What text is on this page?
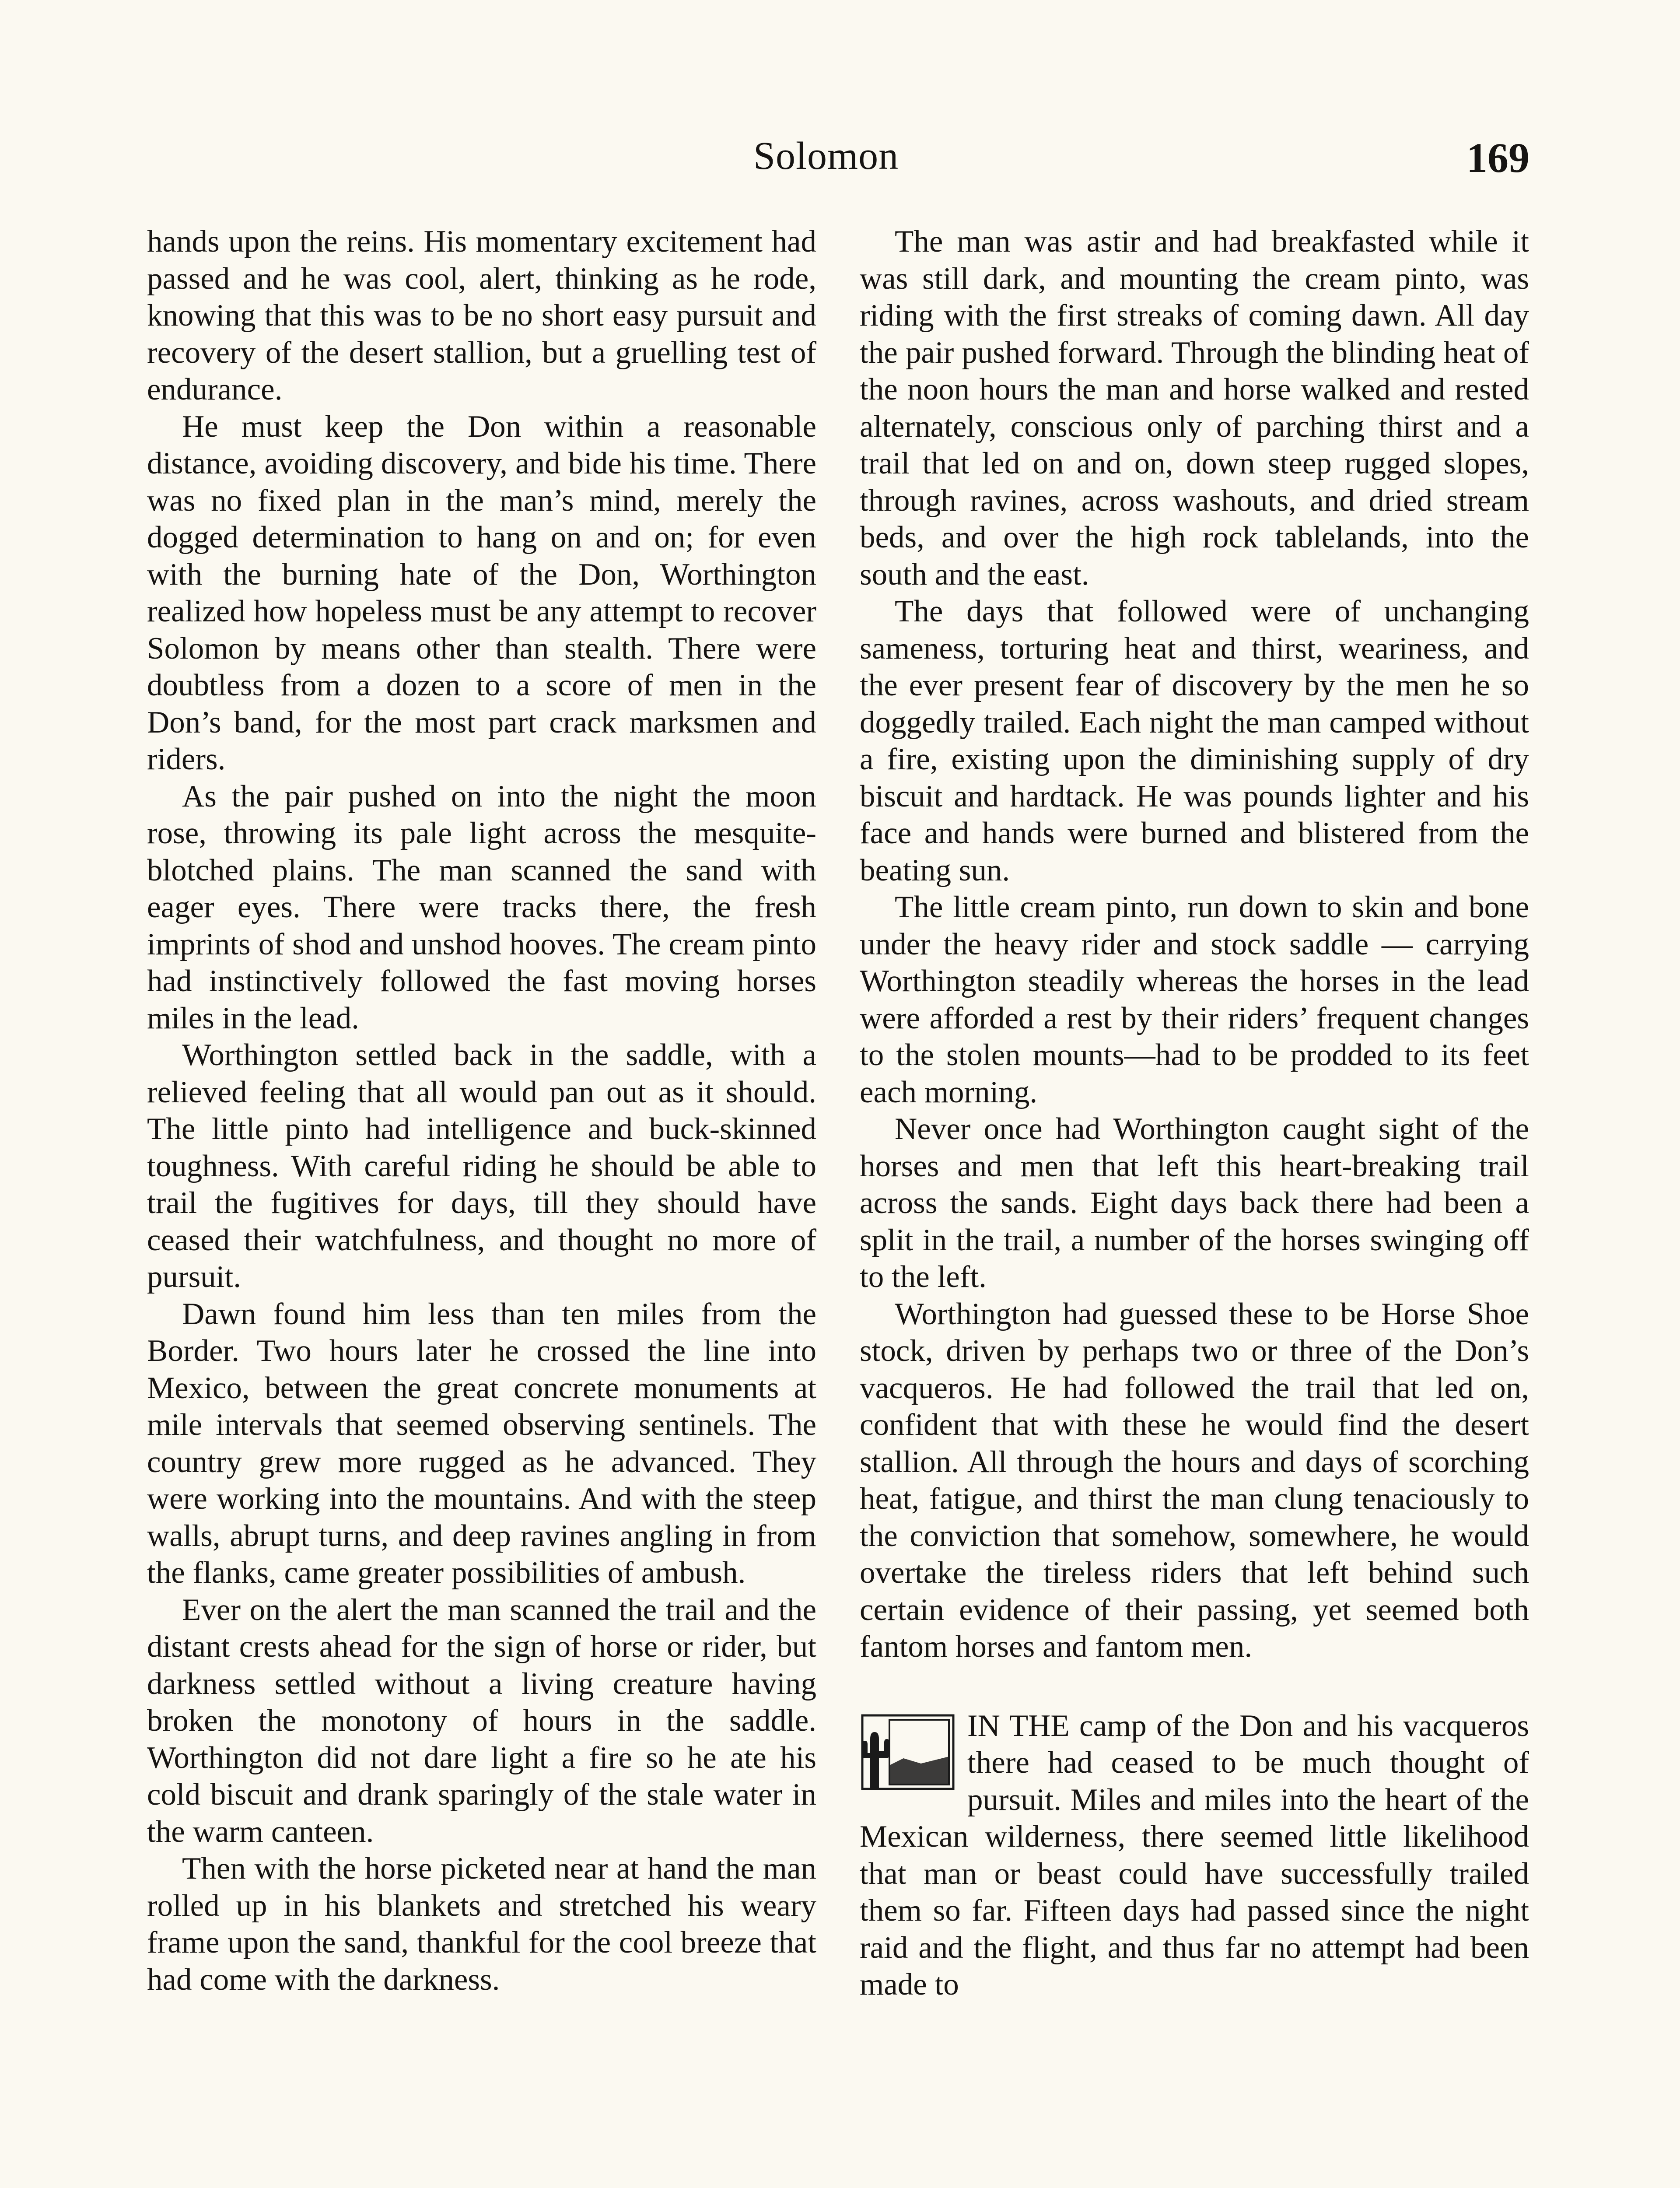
Solomon	169

hands upon the reins. His momentary excitement had passed and he was cool, alert, thinking as he rode, knowing that this was to be no short easy pursuit and recovery of the desert stallion, but a gruelling test of endurance.

He must keep the Don within a reasonable distance, avoiding discovery, and bide his time. There was no fixed plan in the man’s mind, merely the dogged determination to hang on and on; for even with the burning hate of the Don, Worthington realized how hopeless must be any attempt to recover Solomon by means other than stealth. There were doubtless from a dozen to a score of men in the Don’s band, for the most part crack marksmen and riders.

As the pair pushed on into the night the moon rose, throwing its pale light across the mesquite-blotched plains. The man scanned the sand with eager eyes. There were tracks there, the fresh imprints of shod and unshod hooves. The cream pinto had instinctively followed the fast moving horses miles in the lead.

Worthington settled back in the saddle, with a relieved feeling that all would pan out as it should. The little pinto had intelligence and buck-skinned toughness. With careful riding he should be able to trail the fugitives for days, till they should have ceased their watchfulness, and thought no more of pursuit.

Dawn found him less than ten miles from the Border. Two hours later he crossed the line into Mexico, between the great concrete monuments at mile intervals that seemed observing sentinels. The country grew more rugged as he advanced. They were working into the mountains. And with the steep walls, abrupt turns, and deep ravines angling in from the flanks, came greater possibilities of ambush.

Ever on the alert the man scanned the trail and the distant crests ahead for the sign of horse or rider, but darkness settled without a living creature having broken the monotony of hours in the saddle. Worthington did not dare light a fire so he ate his cold biscuit and drank sparingly of the stale water in the warm canteen.

Then with the horse picketed near at hand the man rolled up in his blankets and stretched his weary frame upon the sand, thankful for the cool breeze that had come with the darkness.

The man was astir and had breakfasted while it was still dark, and mounting the cream pinto, was riding with the first streaks of coming dawn. All day the pair pushed forward. Through the blinding heat of the noon hours the man and horse walked and rested alternately, conscious only of parching thirst and a trail that led on and on, down steep rugged slopes, through ravines, across washouts, and dried stream beds, and over the high rock tablelands, into the south and the east.

The days that followed were of unchanging sameness, torturing heat and thirst, weariness, and the ever present fear of discovery by the men he so doggedly trailed. Each night the man camped without a fire, existing upon the diminishing supply of dry biscuit and hardtack. He was pounds lighter and his face and hands were burned and blistered from the beating sun.

The little cream pinto, run down to skin and bone under the heavy rider and stock saddle — carrying Worthington steadily whereas the horses in the lead were afforded a rest by their riders’ frequent changes to the stolen mounts—had to be prodded to its feet each morning.

Never once had Worthington caught sight of the horses and men that left this heart-breaking trail across the sands. Eight days back there had been a split in the trail, a number of the horses swinging off to the left.

Worthington had guessed these to be Horse Shoe stock, driven by perhaps two or three of the Don’s vacqueros. He had followed the trail that led on, confident that with these he would find the desert stallion. All through the hours and days of scorching heat, fatigue, and thirst the man clung tenaciously to the conviction that somehow, somewhere, he would overtake the tireless riders that left behind such certain evidence of their passing, yet seemed both fantom horses and fantom men.

IN THE camp of the Don and his vacqueros there had ceased to be much thought of pursuit. Miles and miles into the heart of the Mexican wilderness, there seemed little likelihood that man or beast could have successfully trailed them so far. Fifteen days had passed since the night raid and the flight, and thus far no attempt had been made to
